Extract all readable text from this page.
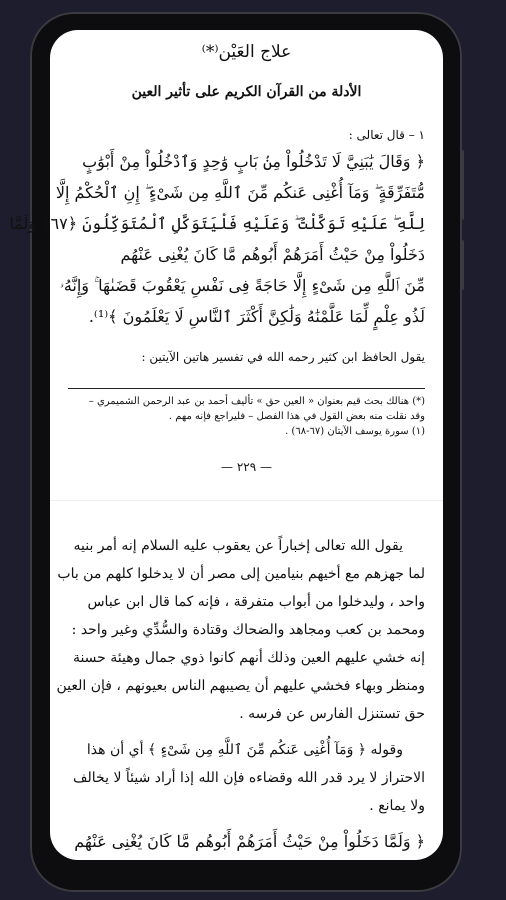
علاج العَيْن⁽*⁾
الأدلة من القرآن الكريم على تأثير العين
١ – قال تعالى :
﴿ وَقَالَ يَٰبَنِيَّ لَا تَدْخُلُواْ مِنۢ بَابٍ وَٰحِدٍ وَٱدْخُلُواْ مِنْ أَبْوَٰبٍ
مُّتَفَرِّقَةٍ ۖ وَمَآ أُغْنِى عَنكُم مِّنَ ٱللَّهِ مِن شَىْءٍ ۖ إِنِ ٱلْحُكْمُ إِلَّا
لِلَّهِ ۖ عَلَيْهِ تَوَكَّلْتُ ۖ وَعَلَيْهِ فَلْيَتَوَكَّلِ ٱلْمُتَوَكِّلُونَ ﴿٦٧﴾ وَلَمَّا
دَخَلُواْ مِنْ حَيْثُ أَمَرَهُمْ أَبُوهُم مَّا كَانَ يُغْنِى عَنْهُم
مِّنَ ٱللَّهِ مِن شَىْءٍ إِلَّا حَاجَةً فِى نَفْسِ يَعْقُوبَ قَضَىٰهَا ۚ وَإِنَّهُۥ
لَذُو عِلْمٍ لِّمَا عَلَّمْنَٰهُ وَلَٰكِنَّ أَكْثَرَ ٱلنَّاسِ لَا يَعْلَمُونَ ﴾⁽¹⁾.
يقول الحافظ ابن كثير رحمه الله في تفسير هاتين الآيتين :
(*) هنالك بحث قيم بعنوان « العين حق » تأليف أحمد بن عبد الرحمن الشميمري –
وقد نقلت منه بعض القول في هذا الفصل – فليراجع فإنه مهم .
(١) سورة يوسف الآيتان (٦٧-٦٨) .
— ٢٢٩ —
يقول الله تعالى إخباراً عن يعقوب عليه السلام إنه أمر بنيه
لما جهزهم مع أخيهم بنيامين إلى مصر أن لا يدخلوا كلهم من باب
واحد ، وليدخلوا من أبواب متفرقة ، فإنه كما قال ابن عباس
ومحمد بن كعب ومجاهد والضحاك وقتادة والسُّدِّي وغير واحد :
إنه خشي عليهم العين وذلك أنهم كانوا ذوي جمال وهيئة حسنة
ومنظر وبهاء فخشي عليهم أن يصيبهم الناس بعيونهم ، فإن العين
حق تستنزل الفارس عن فرسه .
وقوله ﴿ وَمَآ أُغْنِى عَنكُم مِّنَ ٱللَّهِ مِن شَىْءٍ ﴾ أي أن هذا
الاحتراز لا يرد قدر الله وقضاءه فإن الله إذا أراد شيئاً لا يخالف
ولا يمانع .
﴿ وَلَمَّا دَخَلُواْ مِنْ حَيْثُ أَمَرَهُمْ أَبُوهُم مَّا كَانَ يُغْنِى عَنْهُم
